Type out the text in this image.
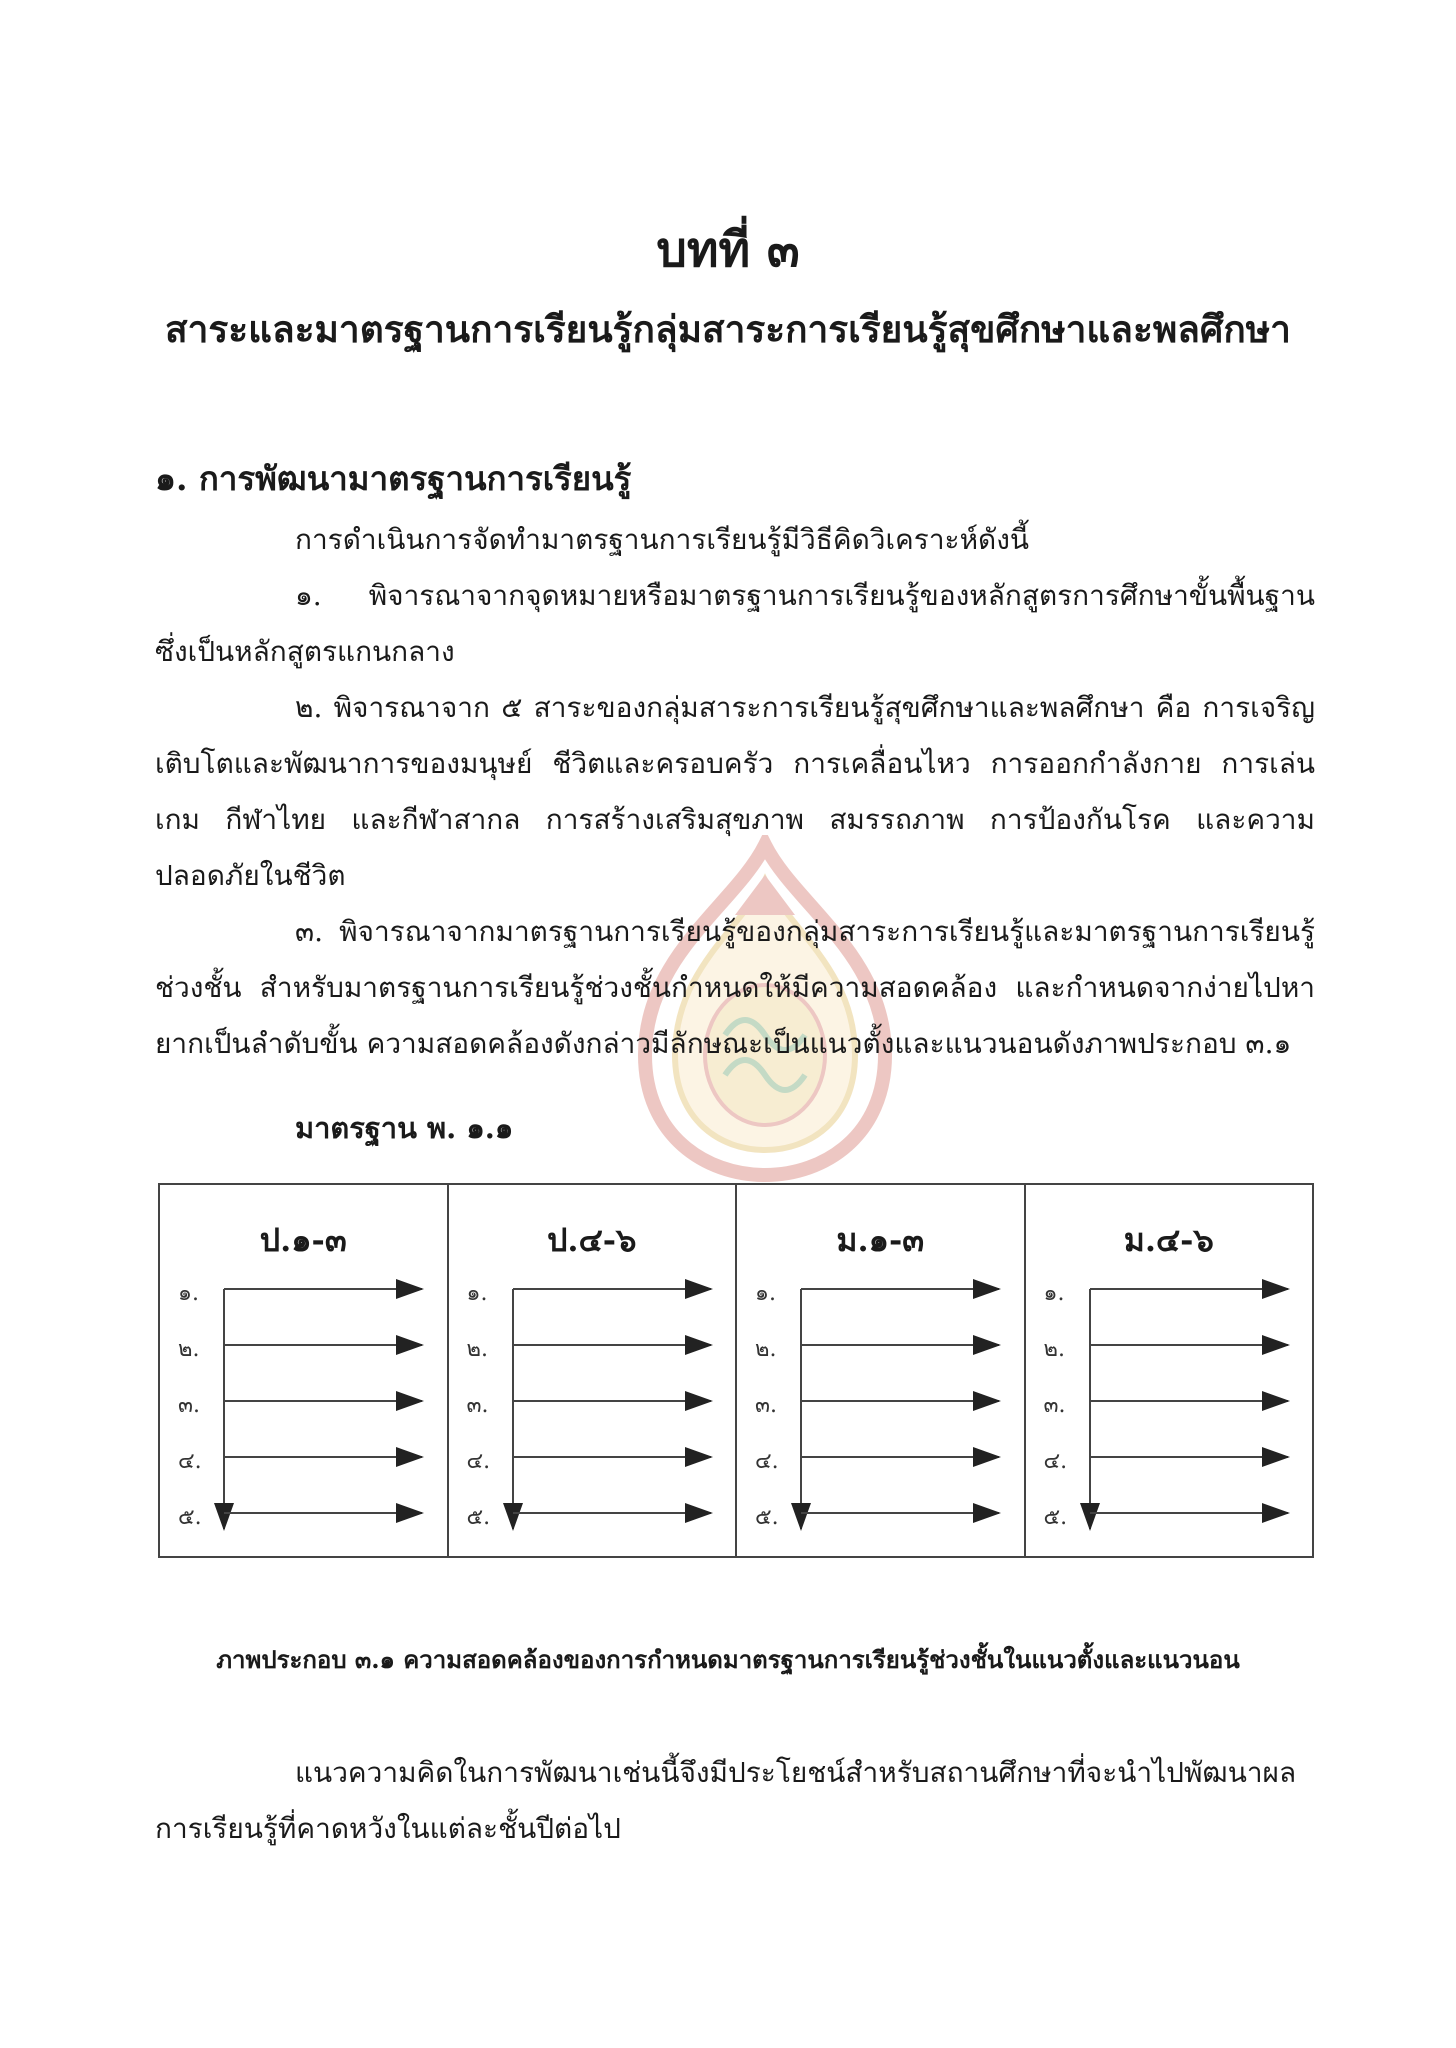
บทที่ ๓
สาระและมาตรฐานการเรียนรู้กลุ่มสาระการเรียนรู้สุขศึกษาและพลศึกษา
๑. การพัฒนามาตรฐานการเรียนรู้

การดำเนินการจัดทำมาตรฐานการเรียนรู้มีวิธีคิดวิเคราะห์ดังนี้

๑. พิจารณาจากจุดหมายหรือมาตรฐานการเรียนรู้ของหลักสูตรการศึกษาขั้นพื้นฐาน ซึ่งเป็นหลักสูตรแกนกลาง

๒. พิจารณาจาก ๕ สาระของกลุ่มสาระการเรียนรู้สุขศึกษาและพลศึกษา คือ การเจริญเติบโตและพัฒนาการของมนุษย์ ชีวิตและครอบครัว การเคลื่อนไหว การออกกำลังกาย การเล่นเกม กีฬาไทย และกีฬาสากล การสร้างเสริมสุขภาพ สมรรถภาพ การป้องกันโรค และความปลอดภัยในชีวิต

๓. พิจารณาจากมาตรฐานการเรียนรู้ของกลุ่มสาระการเรียนรู้และมาตรฐานการเรียนรู้ช่วงชั้น สำหรับมาตรฐานการเรียนรู้ช่วงชั้นกำหนดให้มีความสอดคล้อง และกำหนดจากง่ายไปหายากเป็นลำดับขั้น ความสอดคล้องดังกล่าวมีลักษณะเป็นแนวตั้งและแนวนอนดังภาพประกอบ ๓.๑

มาตรฐาน พ. ๑.๑
ป.๑-๓
๑.
๒.
๓.
๔.
๕.
ป.๔-๖
๑.
๒.
๓.
๔.
๕.
ม.๑-๓
๑.
๒.
๓.
๔.
๕.
ม.๔-๖
๑.
๒.
๓.
๔.
๕.
ภาพประกอบ ๓.๑ ความสอดคล้องของการกำหนดมาตรฐานการเรียนรู้ช่วงชั้นในแนวตั้งและแนวนอน

แนวความคิดในการพัฒนาเช่นนี้จึงมีประโยชน์สำหรับสถานศึกษาที่จะนำไปพัฒนาผลการเรียนรู้ที่คาดหวังในแต่ละชั้นปีต่อไป
